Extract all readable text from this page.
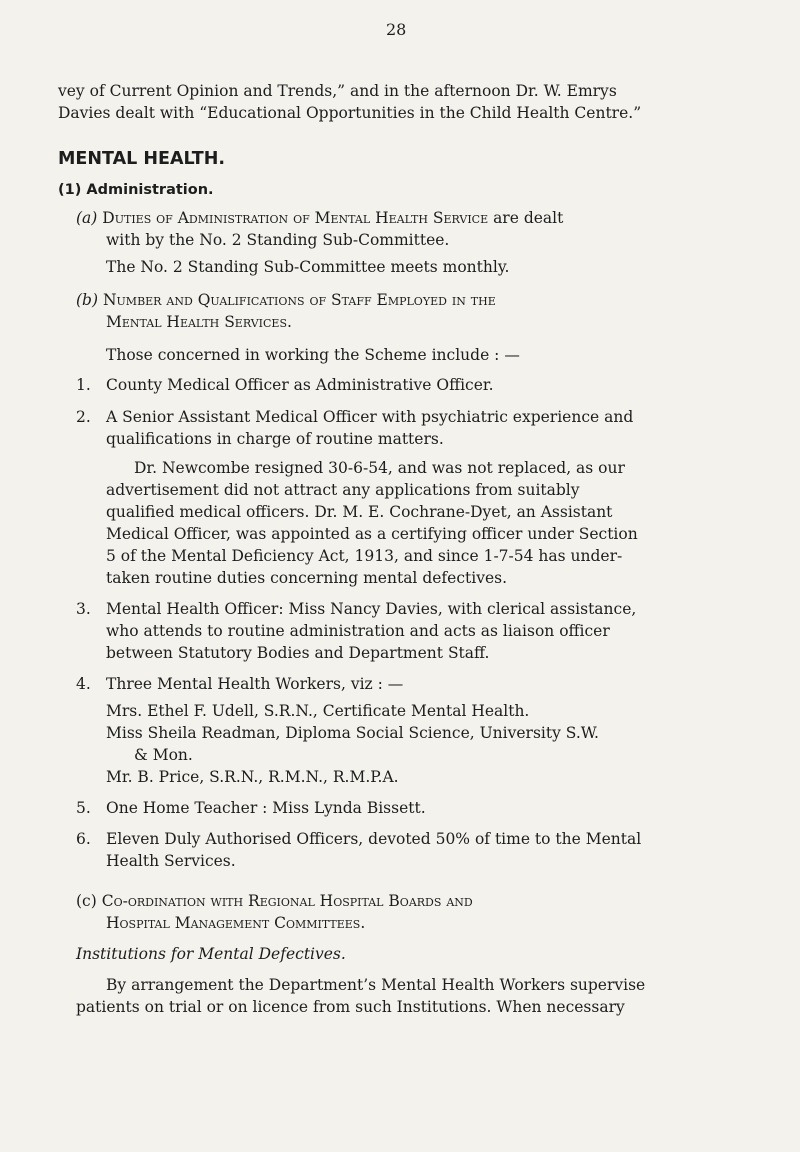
28

vey of Current Opinion and Trends,” and in the afternoon Dr. W. Emrys

Davies dealt with “Educational Opportunities in the Child Health Centre.”

MENTAL HEALTH.
(1) Administration.

(a) Duties of Administration of Mental Health Service are dealt

with by the No. 2 Standing Sub-Committee.

The No. 2 Standing Sub-Committee meets monthly.

(b) Number and Qualifications of Staff Employed in the

Mental Health Services.

Those concerned in working the Scheme include : —

1. County Medical Officer as Administrative Officer.

2. A Senior Assistant Medical Officer with psychiatric experience and

qualifications in charge of routine matters.

Dr. Newcombe resigned 30-6-54, and was not replaced, as our

advertisement did not attract any applications from suitably

qualified medical officers. Dr. M. E. Cochrane-Dyet, an Assistant

Medical Officer, was appointed as a certifying officer under Section

5 of the Mental Deficiency Act, 1913, and since 1-7-54 has under-

taken routine duties concerning mental defectives.

3. Mental Health Officer: Miss Nancy Davies, with clerical assistance,

who attends to routine administration and acts as liaison officer

between Statutory Bodies and Department Staff.

4. Three Mental Health Workers, viz : —

Mrs. Ethel F. Udell, S.R.N., Certificate Mental Health.

Miss Sheila Readman, Diploma Social Science, University S.W.

& Mon.

Mr. B. Price, S.R.N., R.M.N., R.M.P.A.

5. One Home Teacher : Miss Lynda Bissett.

6. Eleven Duly Authorised Officers, devoted 50% of time to the Mental

Health Services.

(c) Co-ordination with Regional Hospital Boards and

Hospital Management Committees.

Institutions for Mental Defectives.

By arrangement the Department’s Mental Health Workers supervise

patients on trial or on licence from such Institutions. When necessary
